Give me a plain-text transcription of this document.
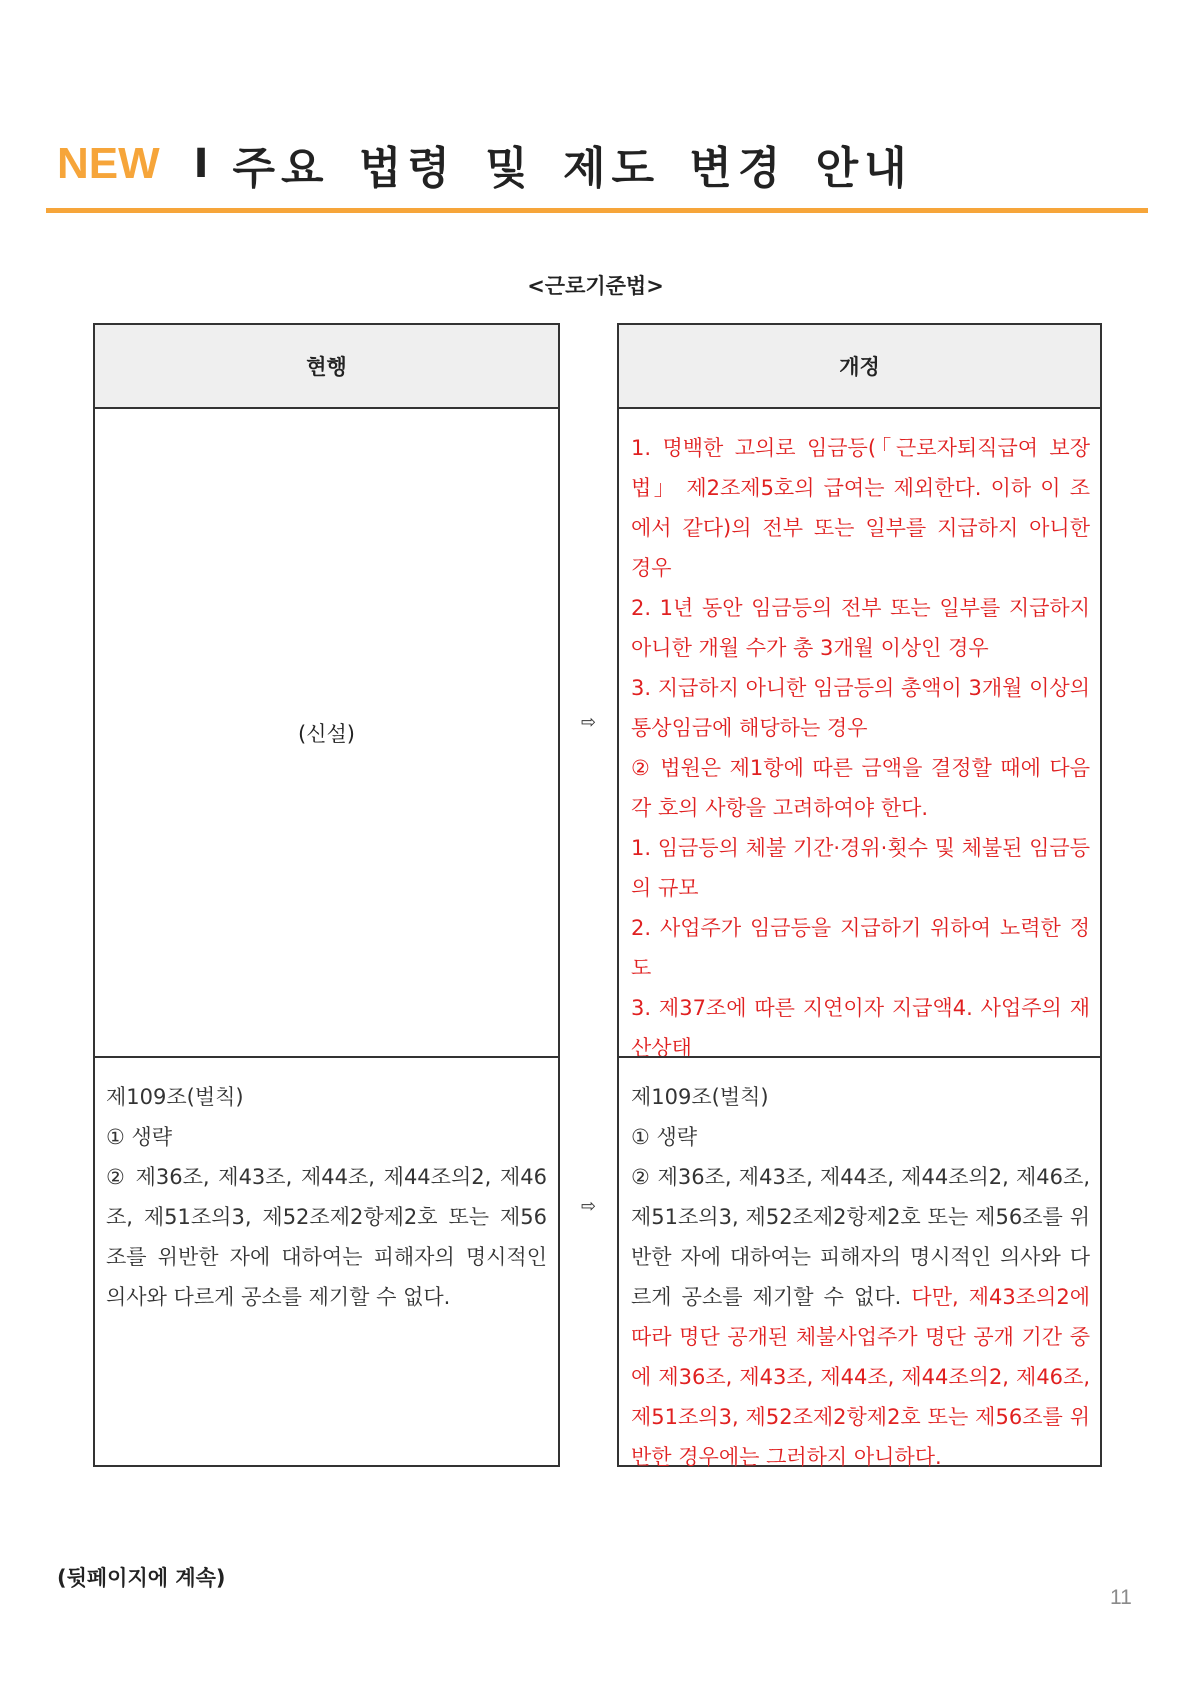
NEW I 주요 법령 및 제도 변경 안내
<근로기준법>
현행	개정
(신설)	⇨

1. 명백한 고의로 임금등(「근로자퇴직급여 보장법」 제2조제5호의 급여는 제외한다. 이하 이 조에서 같다)의 전부 또는 일부를 지급하지 아니한 경우

2. 1년 동안 임금등의 전부 또는 일부를 지급하지 아니한 개월 수가 총 3개월 이상인 경우

3. 지급하지 아니한 임금등의 총액이 3개월 이상의 통상임금에 해당하는 경우

② 법원은 제1항에 따른 금액을 결정할 때에 다음 각 호의 사항을 고려하여야 한다.

1. 임금등의 체불 기간·경위·횟수 및 체불된 임금등의 규모

2. 사업주가 임금등을 지급하기 위하여 노력한 정도

3. 제37조에 따른 지연이자 지급액4. 사업주의 재산상태

제109조(벌칙)

① 생략

② 제36조, 제43조, 제44조, 제44조의2, 제46조, 제51조의3, 제52조제2항제2호 또는 제56조를 위반한 자에 대하여는 피해자의 명시적인 의사와 다르게 공소를 제기할 수 없다.

⇨

제109조(벌칙)

① 생략

② 제36조, 제43조, 제44조, 제44조의2, 제46조, 제51조의3, 제52조제2항제2호 또는 제56조를 위반한 자에 대하여는 피해자의 명시적인 의사와 다르게 공소를 제기할 수 없다. 다만, 제43조의2에 따라 명단 공개된 체불사업주가 명단 공개 기간 중에 제36조, 제43조, 제44조, 제44조의2, 제46조, 제51조의3, 제52조제2항제2호 또는 제56조를 위반한 경우에는 그러하지 아니하다.

(뒷페이지에 계속)
11
